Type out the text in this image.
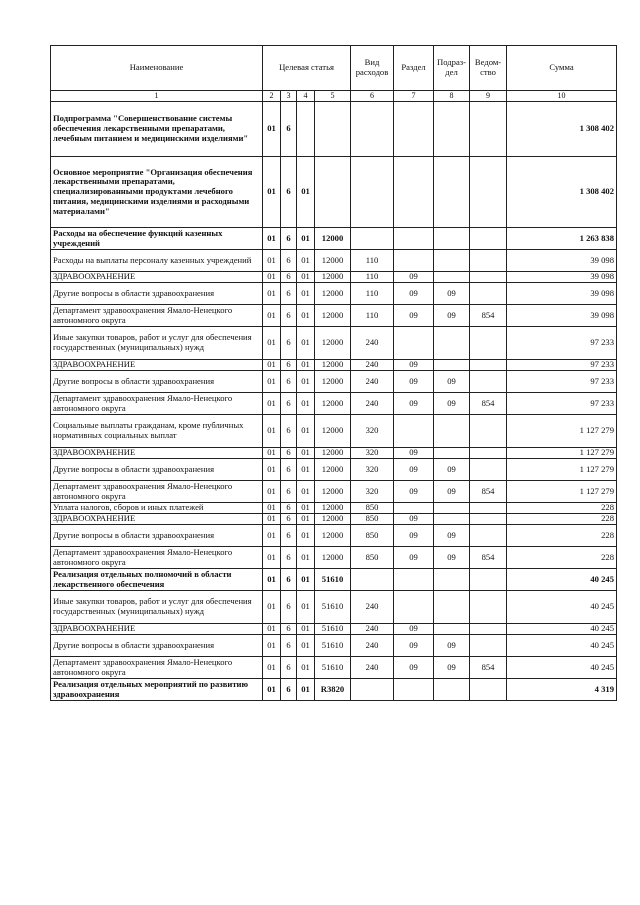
Наименование	Целевая статья				Вид расходов	Раздел	Подраз-дел	Ведом-ство	Сумма
1	2	3	4	5	6	7	8	9	10
Подпрограмма "Совершенствование системы обеспечения лекарственными препаратами, лечебным питанием и медицинскими изделиями"	01	6							1 308 402
Основное мероприятие "Организация обеспечения лекарственными препаратами, специализированными продуктами лечебного питания, медицинскими изделиями и расходными материалами"	01	6	01						1 308 402
Расходы на обеспечение функций казенных учреждений	01	6	01	12000					1 263 838
Расходы на выплаты персоналу казенных учреждений	01	6	01	12000	110				39 098
ЗДРАВООХРАНЕНИЕ	01	6	01	12000	110	09			39 098
Другие вопросы в области здравоохранения	01	6	01	12000	110	09	09		39 098
Департамент здравоохранения Ямало-Ненецкого автономного округа	01	6	01	12000	110	09	09	854	39 098
Иные закупки товаров, работ и услуг для обеспечения государственных (муниципальных) нужд	01	6	01	12000	240				97 233
ЗДРАВООХРАНЕНИЕ	01	6	01	12000	240	09			97 233
Другие вопросы в области здравоохранения	01	6	01	12000	240	09	09		97 233
Департамент здравоохранения Ямало-Ненецкого автономного округа	01	6	01	12000	240	09	09	854	97 233
Социальные выплаты гражданам, кроме публичных нормативных социальных выплат	01	6	01	12000	320				1 127 279
ЗДРАВООХРАНЕНИЕ	01	6	01	12000	320	09			1 127 279
Другие вопросы в области здравоохранения	01	6	01	12000	320	09	09		1 127 279
Департамент здравоохранения Ямало-Ненецкого автономного округа	01	6	01	12000	320	09	09	854	1 127 279
Уплата налогов, сборов и иных платежей	01	6	01	12000	850				228
ЗДРАВООХРАНЕНИЕ	01	6	01	12000	850	09			228
Другие вопросы в области здравоохранения	01	6	01	12000	850	09	09		228
Департамент здравоохранения Ямало-Ненецкого автономного округа	01	6	01	12000	850	09	09	854	228
Реализация отдельных полномочий в области лекарственного обеспечения	01	6	01	51610					40 245
Иные закупки товаров, работ и услуг для обеспечения государственных (муниципальных) нужд	01	6	01	51610	240				40 245
ЗДРАВООХРАНЕНИЕ	01	6	01	51610	240	09			40 245
Другие вопросы в области здравоохранения	01	6	01	51610	240	09	09		40 245
Департамент здравоохранения Ямало-Ненецкого автономного округа	01	6	01	51610	240	09	09	854	40 245
Реализация отдельных мероприятий по развитию здравоохранения	01	6	01	R3820					4 319
